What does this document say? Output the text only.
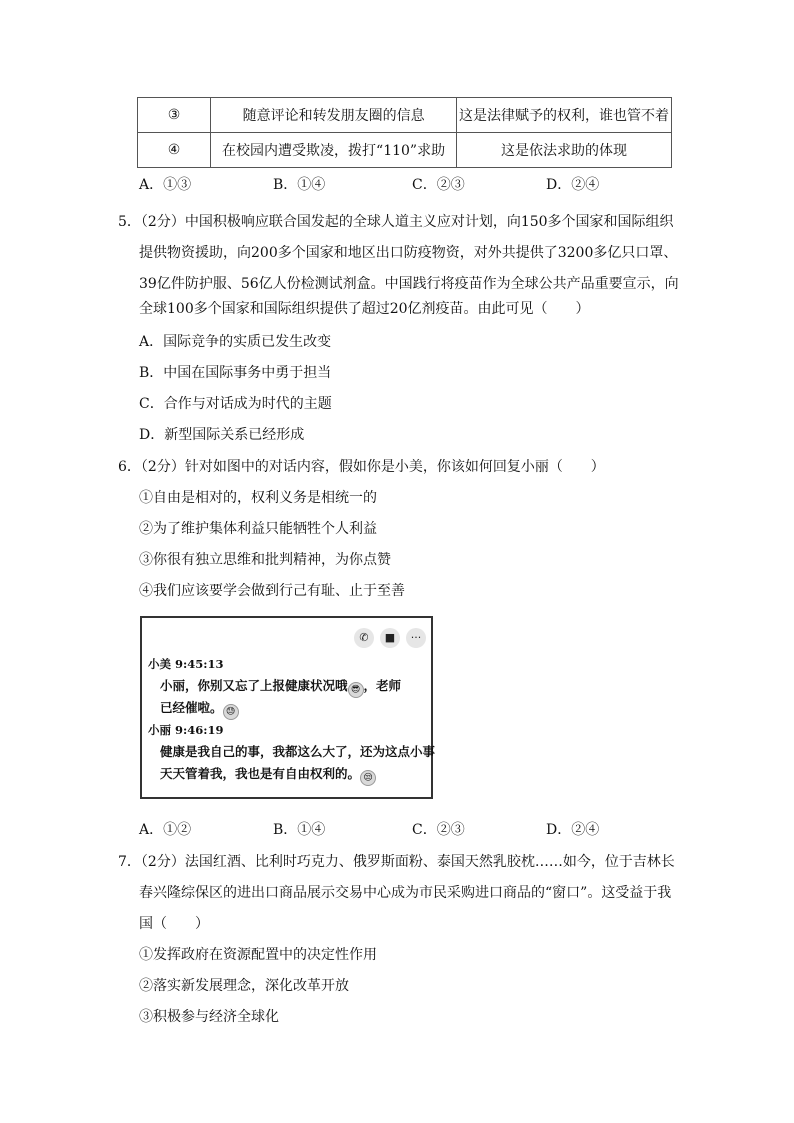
③	随意评论和转发朋友圈的信息	这是法律赋予的权利，谁也管不着
④	在校园内遭受欺凌，拨打“110”求助	这是依法求助的体现
A．①③	B．①④	C．②③	D．②④
5．（2分）中国积极响应联合国发起的全球人道主义应对计划，向150多个国家和国际组织
提供物资援助，向200多个国家和地区出口防疫物资，对外共提供了3200多亿只口罩、
39亿件防护服、56亿人份检测试剂盒。中国践行将疫苗作为全球公共产品重要宣示，向
全球100多个国家和国际组织提供了超过20亿剂疫苗。由此可见（　　）
A．国际竞争的实质已发生改变
B．中国在国际事务中勇于担当
C．合作与对话成为时代的主题
D．新型国际关系已经形成
6．（2分）针对如图中的对话内容，假如你是小美，你该如何回复小丽（　　）
①自由是相对的，权利义务是相统一的
②为了维护集体利益只能牺牲个人利益
③你很有独立思维和批判精神，为你点赞
④我们应该要学会做到行己有耻、止于至善
✆	■	···
小美 9:45:13
小丽，你别又忘了上报健康状况哦 😎 ，老师
已经催啦。 😓
小丽 9:46:19
健康是我自己的事，我都这么大了，还为这点小事
天天管着我，我也是有自由权利的。 😒
A．①②	B．①④	C．②③	D．②④
7．（2分）法国红酒、比利时巧克力、俄罗斯面粉、泰国天然乳胶枕……如今，位于吉林长
春兴隆综保区的进出口商品展示交易中心成为市民采购进口商品的“窗口”。这受益于我
国（　　）
①发挥政府在资源配置中的决定性作用
②落实新发展理念，深化改革开放
③积极参与经济全球化
